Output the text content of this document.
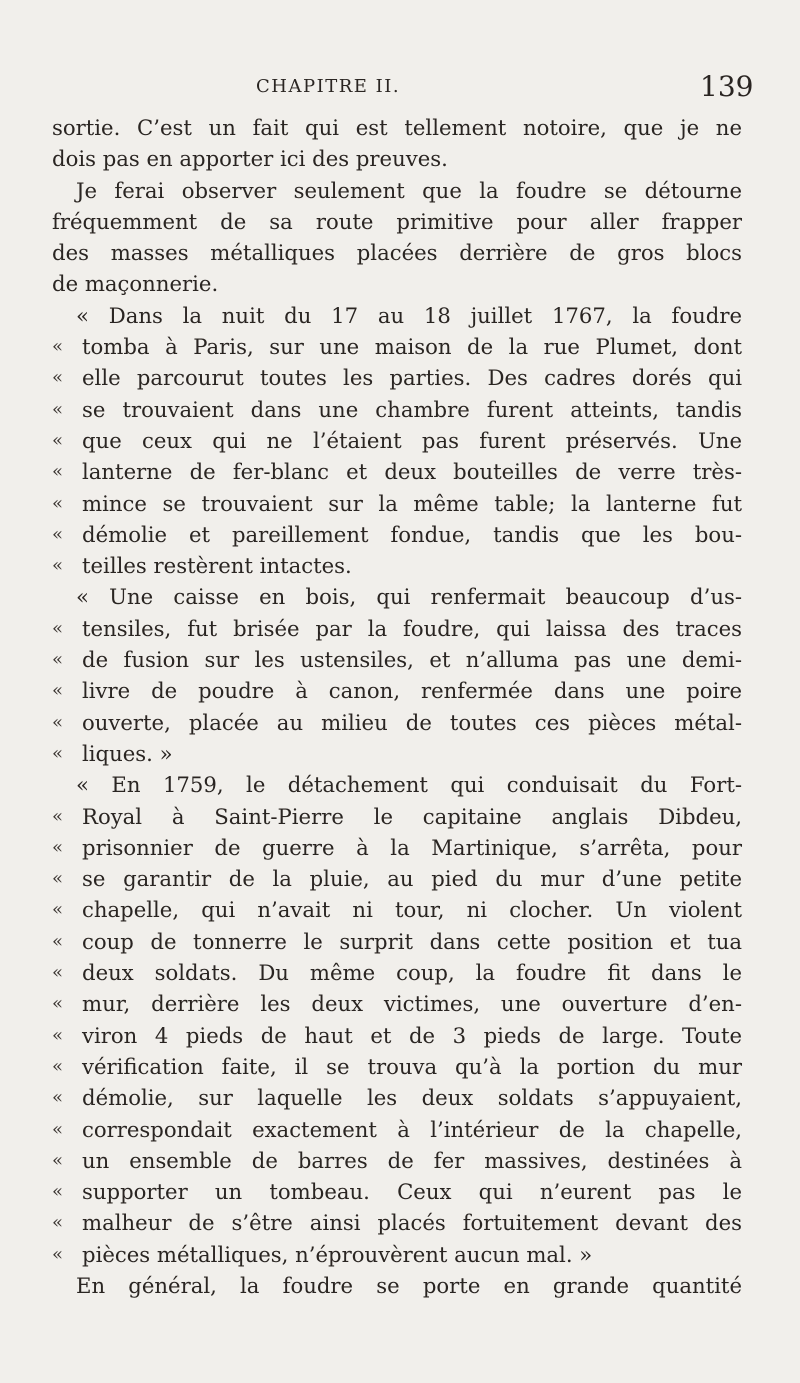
CHAPITRE II.	139
sortie. C’est un fait qui est tellement notoire, que je ne
dois pas en apporter ici des preuves.
Je ferai observer seulement que la foudre se détourne
fréquemment de sa route primitive pour aller frapper
des masses métalliques placées derrière de gros blocs
de maçonnerie.
« Dans la nuit du 17 au 18 juillet 1767, la foudre
« tomba à Paris, sur une maison de la rue Plumet, dont
« elle parcourut toutes les parties. Des cadres dorés qui
« se trouvaient dans une chambre furent atteints, tandis
« que ceux qui ne l’étaient pas furent préservés. Une
« lanterne de fer-blanc et deux bouteilles de verre très-
« mince se trouvaient sur la même table; la lanterne fut
« démolie et pareillement fondue, tandis que les bou-
« teilles restèrent intactes.
« Une caisse en bois, qui renfermait beaucoup d’us-
« tensiles, fut brisée par la foudre, qui laissa des traces
« de fusion sur les ustensiles, et n’alluma pas une demi-
« livre de poudre à canon, renfermée dans une poire
« ouverte, placée au milieu de toutes ces pièces métal-
« liques. »
« En 1759, le détachement qui conduisait du Fort-
« Royal à Saint-Pierre le capitaine anglais Dibdeu,
« prisonnier de guerre à la Martinique, s’arrêta, pour
« se garantir de la pluie, au pied du mur d’une petite
« chapelle, qui n’avait ni tour, ni clocher. Un violent
« coup de tonnerre le surprit dans cette position et tua
« deux soldats. Du même coup, la foudre fit dans le
« mur, derrière les deux victimes, une ouverture d’en-
« viron 4 pieds de haut et de 3 pieds de large. Toute
« vérification faite, il se trouva qu’à la portion du mur
« démolie, sur laquelle les deux soldats s’appuyaient,
« correspondait exactement à l’intérieur de la chapelle,
« un ensemble de barres de fer massives, destinées à
« supporter un tombeau. Ceux qui n’eurent pas le
« malheur de s’être ainsi placés fortuitement devant des
« pièces métalliques, n’éprouvèrent aucun mal. »
En général, la foudre se porte en grande quantité
